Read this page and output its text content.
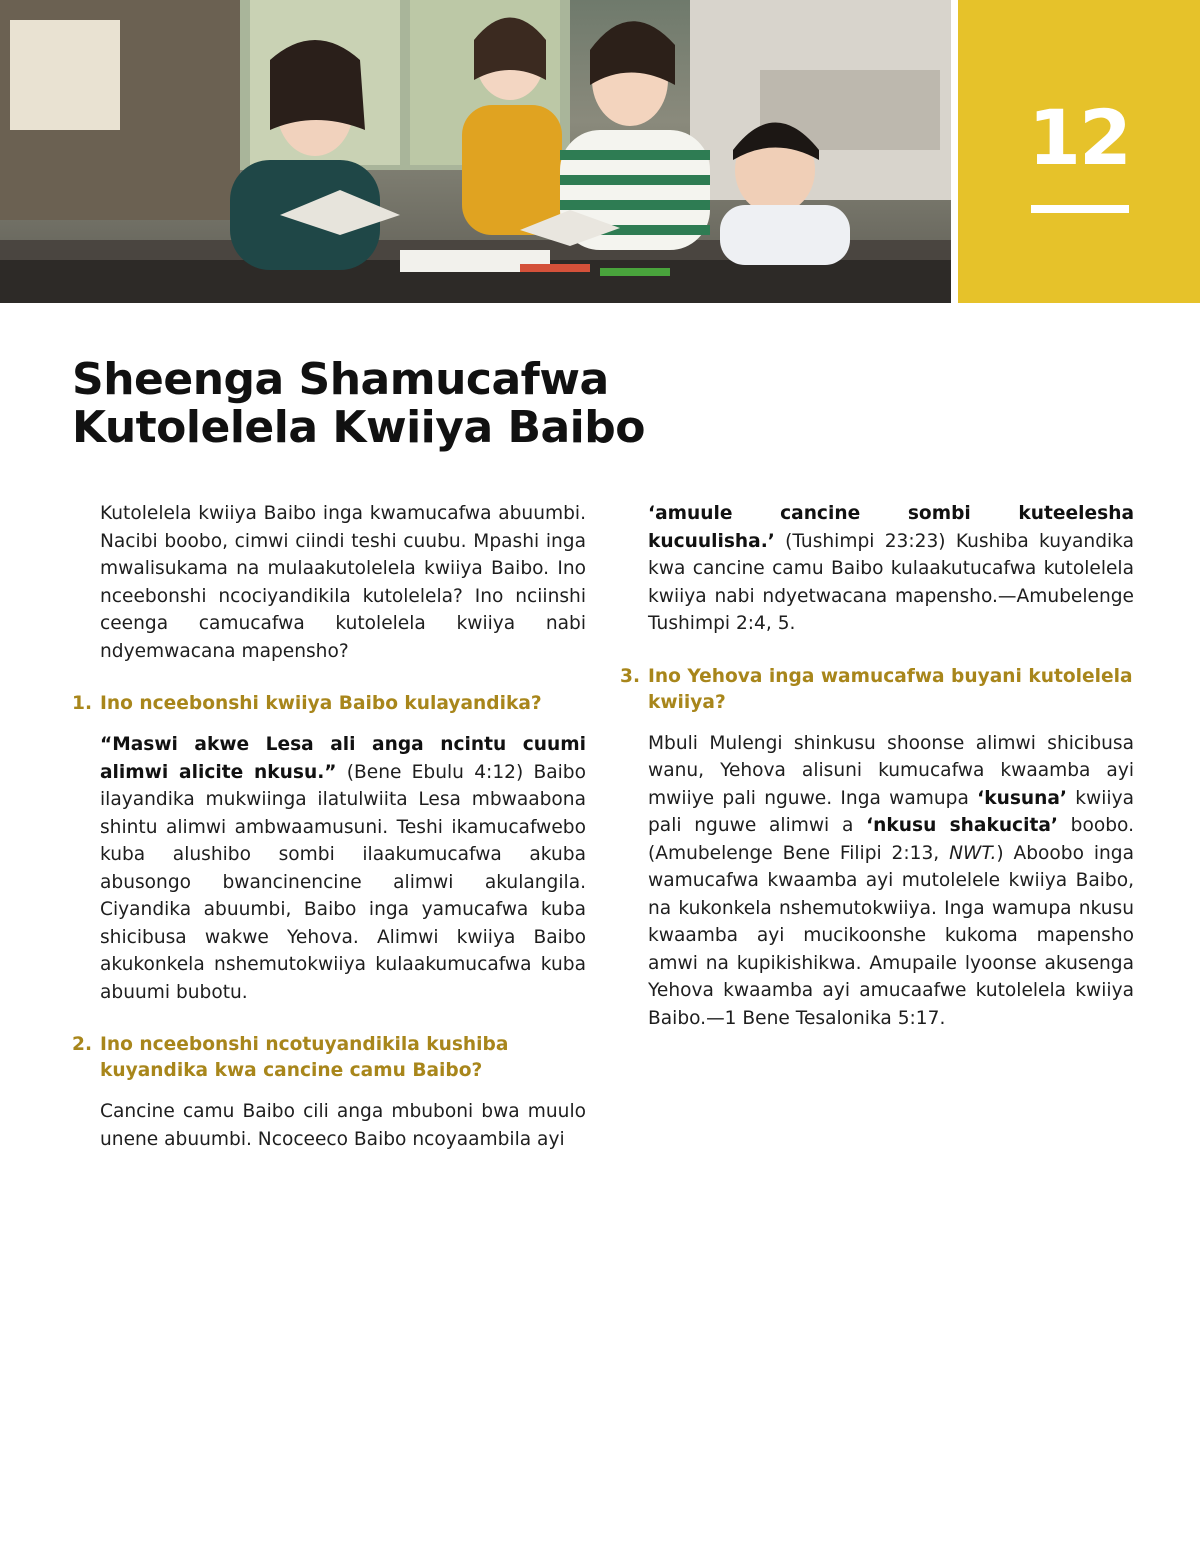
12
Sheenga Shamucafwa
Kutolelela Kwiiya Baibo

Kutolelela kwiiya Baibo inga kwamucafwa abuumbi. Nacibi boobo, cimwi ciindi teshi cuubu. Mpashi inga mwalisukama na mulaakutolelela kwiiya Baibo. Ino nceebonshi ncociyandikila kutolelela? Ino nciinshi ceenga camucafwa kutolelela kwiiya nabi ndyemwacana mapensho?

1. Ino nceebonshi kwiiya Baibo kulayandika?

“Maswi akwe Lesa ali anga ncintu cuumi alimwi alicite nkusu.” (Bene Ebulu 4:12) Baibo ilayandika mukwiinga ilatulwiita Lesa mbwaabona shintu alimwi ambwaamusuni. Teshi ikamucafwebo kuba alushibo sombi ilaakumucafwa akuba abusongo bwancinencine alimwi akulangila. Ciyandika abuumbi, Baibo inga yamucafwa kuba shicibusa wakwe Yehova. Alimwi kwiiya Baibo akukonkela nshemutokwiiya kulaakumucafwa kuba abuumi bubotu.

2. Ino nceebonshi ncotuyandikila kushiba kuyandika kwa cancine camu Baibo?

Cancine camu Baibo cili anga mbuboni bwa muulo unene abuumbi. Ncoceeco Baibo ncoyaambila ayi

‘amuule cancine sombi kuteelesha kucuulisha.’ (Tushimpi 23:23) Kushiba kuyandika kwa cancine camu Baibo kulaakutucafwa kutolelela kwiiya nabi ndyetwacana mapensho.—Amubelenge Tushimpi 2:4, 5.

3. Ino Yehova inga wamucafwa buyani kutolelela kwiiya?

Mbuli Mulengi shinkusu shoonse alimwi shicibusa wanu, Yehova alisuni kumucafwa kwaamba ayi mwiiye pali nguwe. Inga wamupa ‘kusuna’ kwiiya pali nguwe alimwi a ‘nkusu shakucita’ boobo. (Amubelenge Bene Filipi 2:13, NWT.) Aboobo inga wamucafwa kwaamba ayi mutolelele kwiiya Baibo, na kukonkela nshemutokwiiya. Inga wamupa nkusu kwaamba ayi mucikoonshe kukoma mapensho amwi na kupikishikwa. Amupaile lyoonse akusenga Yehova kwaamba ayi amucaafwe kutolelela kwiiya Baibo.—1 Bene Tesalonika 5:17.
